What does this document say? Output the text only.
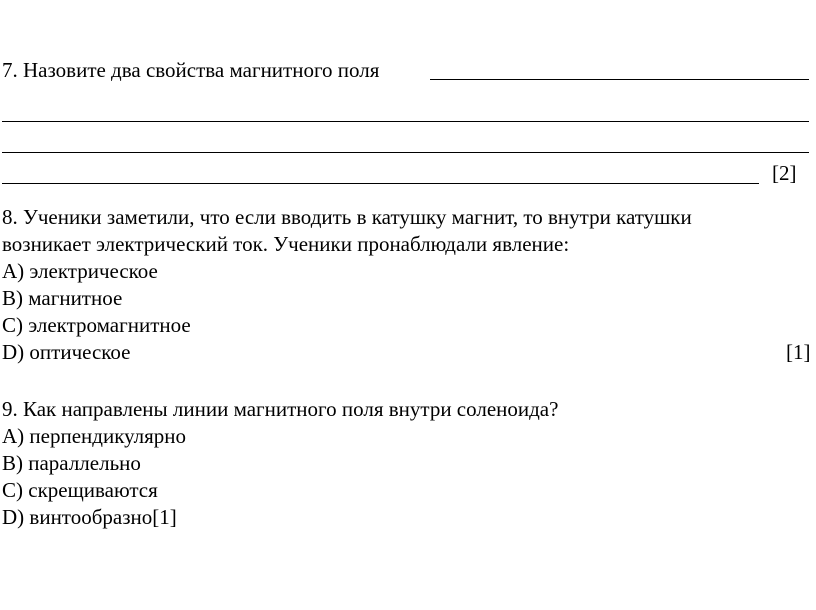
7. Назовите два свойства магнитного поля
[2]
8. Ученики заметили, что если вводить в катушку магнит, то внутри катушки
возникает электрический ток. Ученики пронаблюдали явление:
A) электрическое
B) магнитное
C) электромагнитное
D) оптическое	[1]
9. Как направлены линии магнитного поля внутри соленоида?
A) перпендикулярно
B) параллельно
C) скрещиваются
D) винтообразно[1]
